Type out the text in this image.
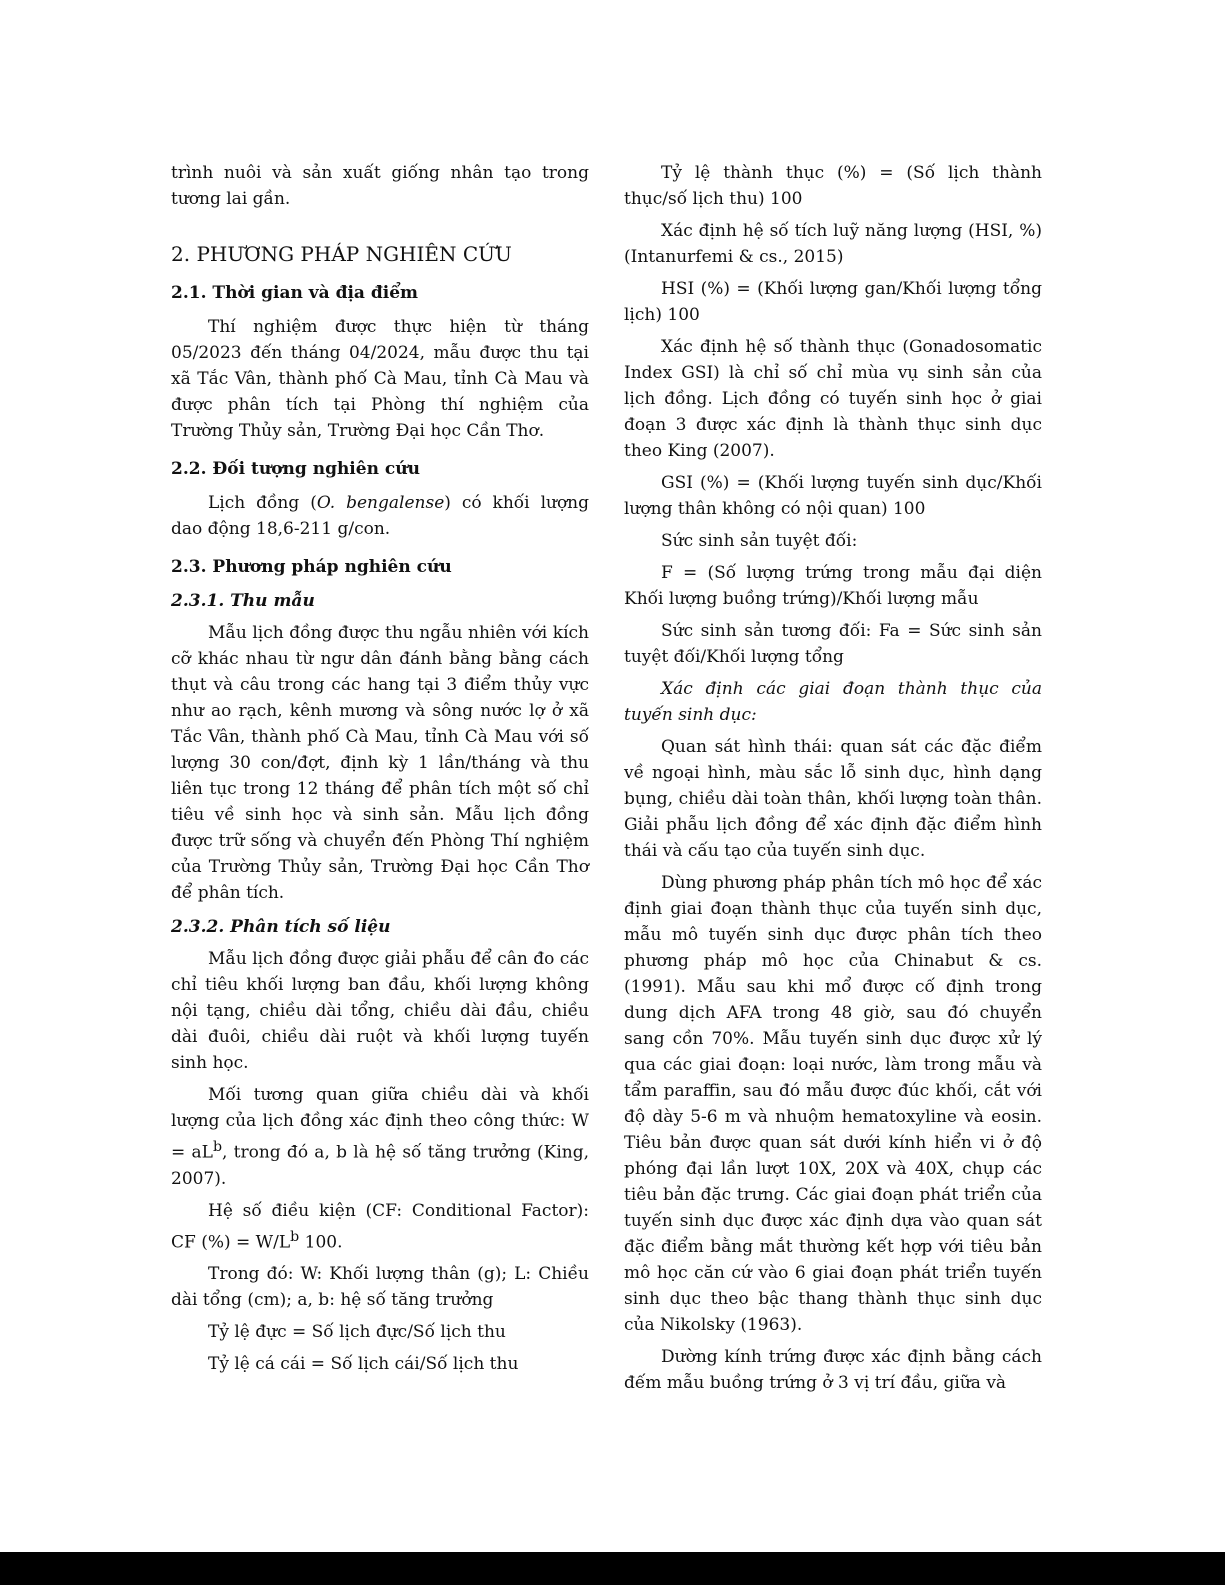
trình nuôi và sản xuất giống nhân tạo trong tương lai gần.

2. PHƯƠNG PHÁP NGHIÊN CỨU
2.1. Thời gian và địa điểm

Thí nghiệm được thực hiện từ tháng 05/2023 đến tháng 04/2024, mẫu được thu tại xã Tắc Vân, thành phố Cà Mau, tỉnh Cà Mau và được phân tích tại Phòng thí nghiệm của Trường Thủy sản, Trường Đại học Cần Thơ.

2.2. Đối tượng nghiên cứu

Lịch đồng (O. bengalense) có khối lượng dao động 18,6-211 g/con.

2.3. Phương pháp nghiên cứu
2.3.1. Thu mẫu

Mẫu lịch đồng được thu ngẫu nhiên với kích cỡ khác nhau từ ngư dân đánh bằng bằng cách thụt và câu trong các hang tại 3 điểm thủy vực như ao rạch, kênh mương và sông nước lợ ở xã Tắc Vân, thành phố Cà Mau, tỉnh Cà Mau với số lượng 30 con/đợt, định kỳ 1 lần/tháng và thu liên tục trong 12 tháng để phân tích một số chỉ tiêu về sinh học và sinh sản. Mẫu lịch đồng được trữ sống và chuyển đến Phòng Thí nghiệm của Trường Thủy sản, Trường Đại học Cần Thơ để phân tích.

2.3.2. Phân tích số liệu

Mẫu lịch đồng được giải phẫu để cân đo các chỉ tiêu khối lượng ban đầu, khối lượng không nội tạng, chiều dài tổng, chiều dài đầu, chiều dài đuôi, chiều dài ruột và khối lượng tuyến sinh học.

Mối tương quan giữa chiều dài và khối lượng của lịch đồng xác định theo công thức: $W = aL^b$, trong đó a, b là hệ số tăng trưởng (King, 2007).

Hệ số điều kiện (CF: Conditional Factor): CF (%) = $W/L^b$ 100.

Trong đó: W: Khối lượng thân (g); L: Chiều dài tổng (cm); a, b: hệ số tăng trưởng

Tỷ lệ đực = Số lịch đực/Số lịch thu

Tỷ lệ cá cái = Số lịch cái/Số lịch thu

Tỷ lệ thành thục (%) = (Số lịch thành thục/số lịch thu) 100

Xác định hệ số tích luỹ năng lượng (HSI, %) (Intanurfemi & cs., 2015)

HSI (%) = (Khối lượng gan/Khối lượng tổng lịch) 100

Xác định hệ số thành thục (Gonadosomatic Index GSI) là chỉ số chỉ mùa vụ sinh sản của lịch đồng. Lịch đồng có tuyến sinh học ở giai đoạn 3 được xác định là thành thục sinh dục theo King (2007).

GSI (%) = (Khối lượng tuyến sinh dục/Khối lượng thân không có nội quan) 100

Sức sinh sản tuyệt đối:

F = (Số lượng trứng trong mẫu đại diện Khối lượng buồng trứng)/Khối lượng mẫu

Sức sinh sản tương đối: Fa = Sức sinh sản tuyệt đối/Khối lượng tổng

Xác định các giai đoạn thành thục của tuyến sinh dục:

Quan sát hình thái: quan sát các đặc điểm về ngoại hình, màu sắc lỗ sinh dục, hình dạng bụng, chiều dài toàn thân, khối lượng toàn thân. Giải phẫu lịch đồng để xác định đặc điểm hình thái và cấu tạo của tuyến sinh dục.

Dùng phương pháp phân tích mô học để xác định giai đoạn thành thục của tuyến sinh dục, mẫu mô tuyến sinh dục được phân tích theo phương pháp mô học của Chinabut & cs. (1991). Mẫu sau khi mổ được cố định trong dung dịch AFA trong 48 giờ, sau đó chuyển sang cồn 70%. Mẫu tuyến sinh dục được xử lý qua các giai đoạn: loại nước, làm trong mẫu và tẩm paraffin, sau đó mẫu được đúc khối, cắt với độ dày 5-6 m và nhuộm hematoxyline và eosin. Tiêu bản được quan sát dưới kính hiển vi ở độ phóng đại lần lượt 10X, 20X và 40X, chụp các tiêu bản đặc trưng. Các giai đoạn phát triển của tuyến sinh dục được xác định dựa vào quan sát đặc điểm bằng mắt thường kết hợp với tiêu bản mô học căn cứ vào 6 giai đoạn phát triển tuyến sinh dục theo bậc thang thành thục sinh dục của Nikolsky (1963).

Dường kính trứng được xác định bằng cách đếm mẫu buồng trứng ở 3 vị trí đầu, giữa và
